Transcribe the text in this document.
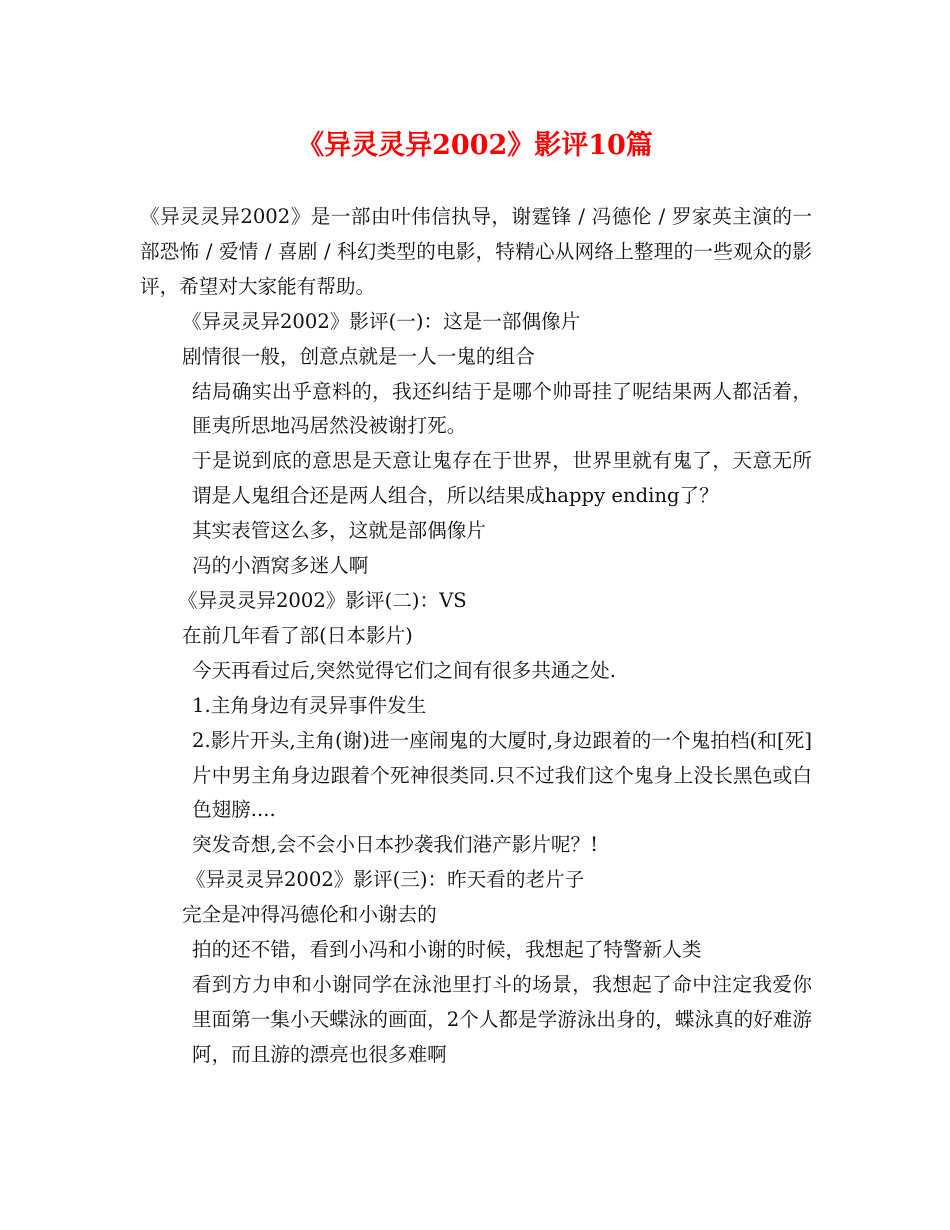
《异灵灵异2002》影评10篇

《异灵灵异2002》是一部由叶伟信执导，谢霆锋 / 冯德伦 / 罗家英主演的一部恐怖 / 爱情 / 喜剧 / 科幻类型的电影，特精心从网络上整理的一些观众的影评，希望对大家能有帮助。

《异灵灵异2002》影评(一)：这是一部偶像片

剧情很一般，创意点就是一人一鬼的组合

结局确实出乎意料的，我还纠结于是哪个帅哥挂了呢结果两人都活着，匪夷所思地冯居然没被谢打死。

于是说到底的意思是天意让鬼存在于世界，世界里就有鬼了，天意无所谓是人鬼组合还是两人组合，所以结果成happy ending了？

其实表管这么多，这就是部偶像片

冯的小酒窝多迷人啊

《异灵灵异2002》影评(二)：VS

在前几年看了部(日本影片)

今天再看过后,突然觉得它们之间有很多共通之处.

1.主角身边有灵异事件发生

2.影片开头,主角(谢)进一座闹鬼的大厦时,身边跟着的一个鬼拍档(和[死]片中男主角身边跟着个死神很类同.只不过我们这个鬼身上没长黑色或白色翅膀....

突发奇想,会不会小日本抄袭我们港产影片呢？!

《异灵灵异2002》影评(三)：昨天看的老片子

完全是冲得冯德伦和小谢去的

拍的还不错，看到小冯和小谢的时候，我想起了特警新人类

看到方力申和小谢同学在泳池里打斗的场景，我想起了命中注定我爱你里面第一集小天蝶泳的画面，2个人都是学游泳出身的，蝶泳真的好难游阿，而且游的漂亮也很多难啊
